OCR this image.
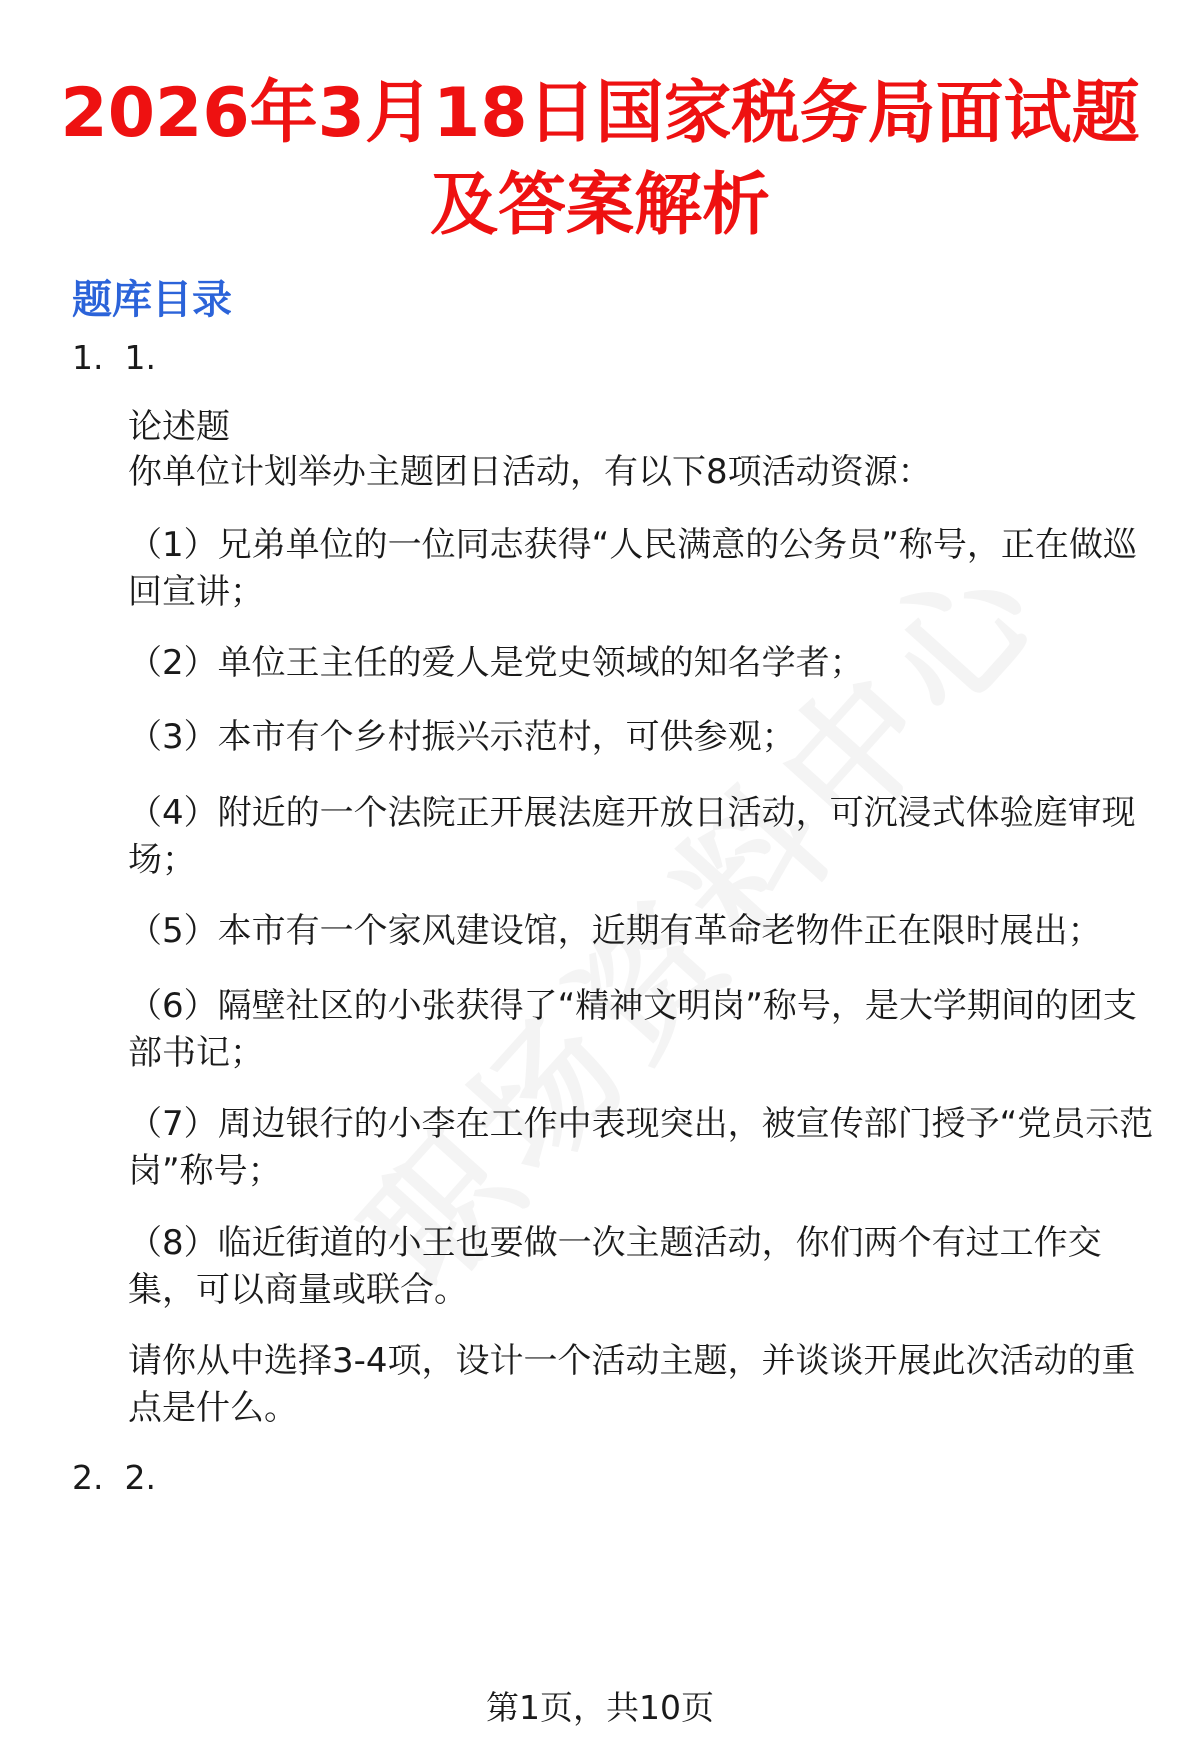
2026年3月18日国家税务局面试题及答案解析
题库目录
1. 1.

论述题

你单位计划举办主题团日活动，有以下8项活动资源：

（1）兄弟单位的一位同志获得“人民满意的公务员”称号，正在做巡回宣讲；

（2）单位王主任的爱人是党史领域的知名学者；

（3）本市有个乡村振兴示范村，可供参观；

（4）附近的一个法院正开展法庭开放日活动，可沉浸式体验庭审现场；

（5）本市有一个家风建设馆，近期有革命老物件正在限时展出；

（6）隔壁社区的小张获得了“精神文明岗”称号，是大学期间的团支部书记；

（7）周边银行的小李在工作中表现突出，被宣传部门授予“党员示范岗”称号；

（8）临近街道的小王也要做一次主题活动，你们两个有过工作交集，可以商量或联合。

请你从中选择3-4项，设计一个活动主题，并谈谈开展此次活动的重点是什么。

2. 2.
第1页，共10页
